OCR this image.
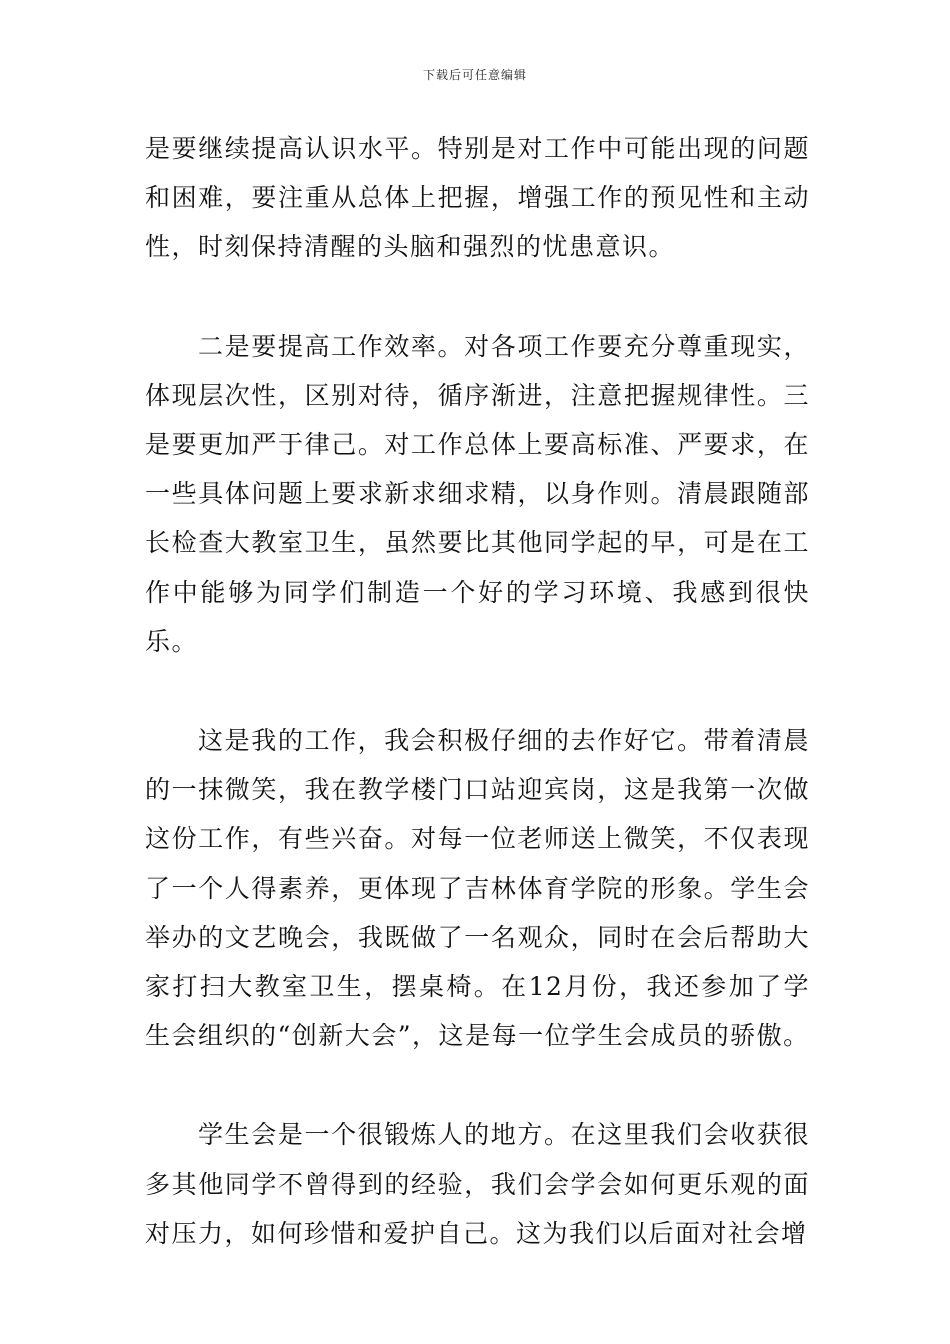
下载后可任意编辑

是要继续提高认识水平。特别是对工作中可能出现的问题和困难，要注重从总体上把握，增强工作的预见性和主动性，时刻保持清醒的头脑和强烈的忧患意识。

二是要提高工作效率。对各项工作要充分尊重现实，体现层次性，区别对待，循序渐进，注意把握规律性。三是要更加严于律己。对工作总体上要高标准、严要求，在一些具体问题上要求新求细求精，以身作则。清晨跟随部长检查大教室卫生，虽然要比其他同学起的早，可是在工作中能够为同学们制造一个好的学习环境、我感到很快乐。

这是我的工作，我会积极仔细的去作好它。带着清晨的一抹微笑，我在教学楼门口站迎宾岗，这是我第一次做这份工作，有些兴奋。对每一位老师送上微笑，不仅表现了一个人得素养，更体现了吉林体育学院的形象。学生会举办的文艺晚会，我既做了一名观众，同时在会后帮助大家打扫大教室卫生，摆桌椅。在12月份，我还参加了学生会组织的“创新大会”，这是每一位学生会成员的骄傲。

学生会是一个很锻炼人的地方。在这里我们会收获很多其他同学不曾得到的经验，我们会学会如何更乐观的面对压力，如何珍惜和爱护自己。这为我们以后面对社会增
